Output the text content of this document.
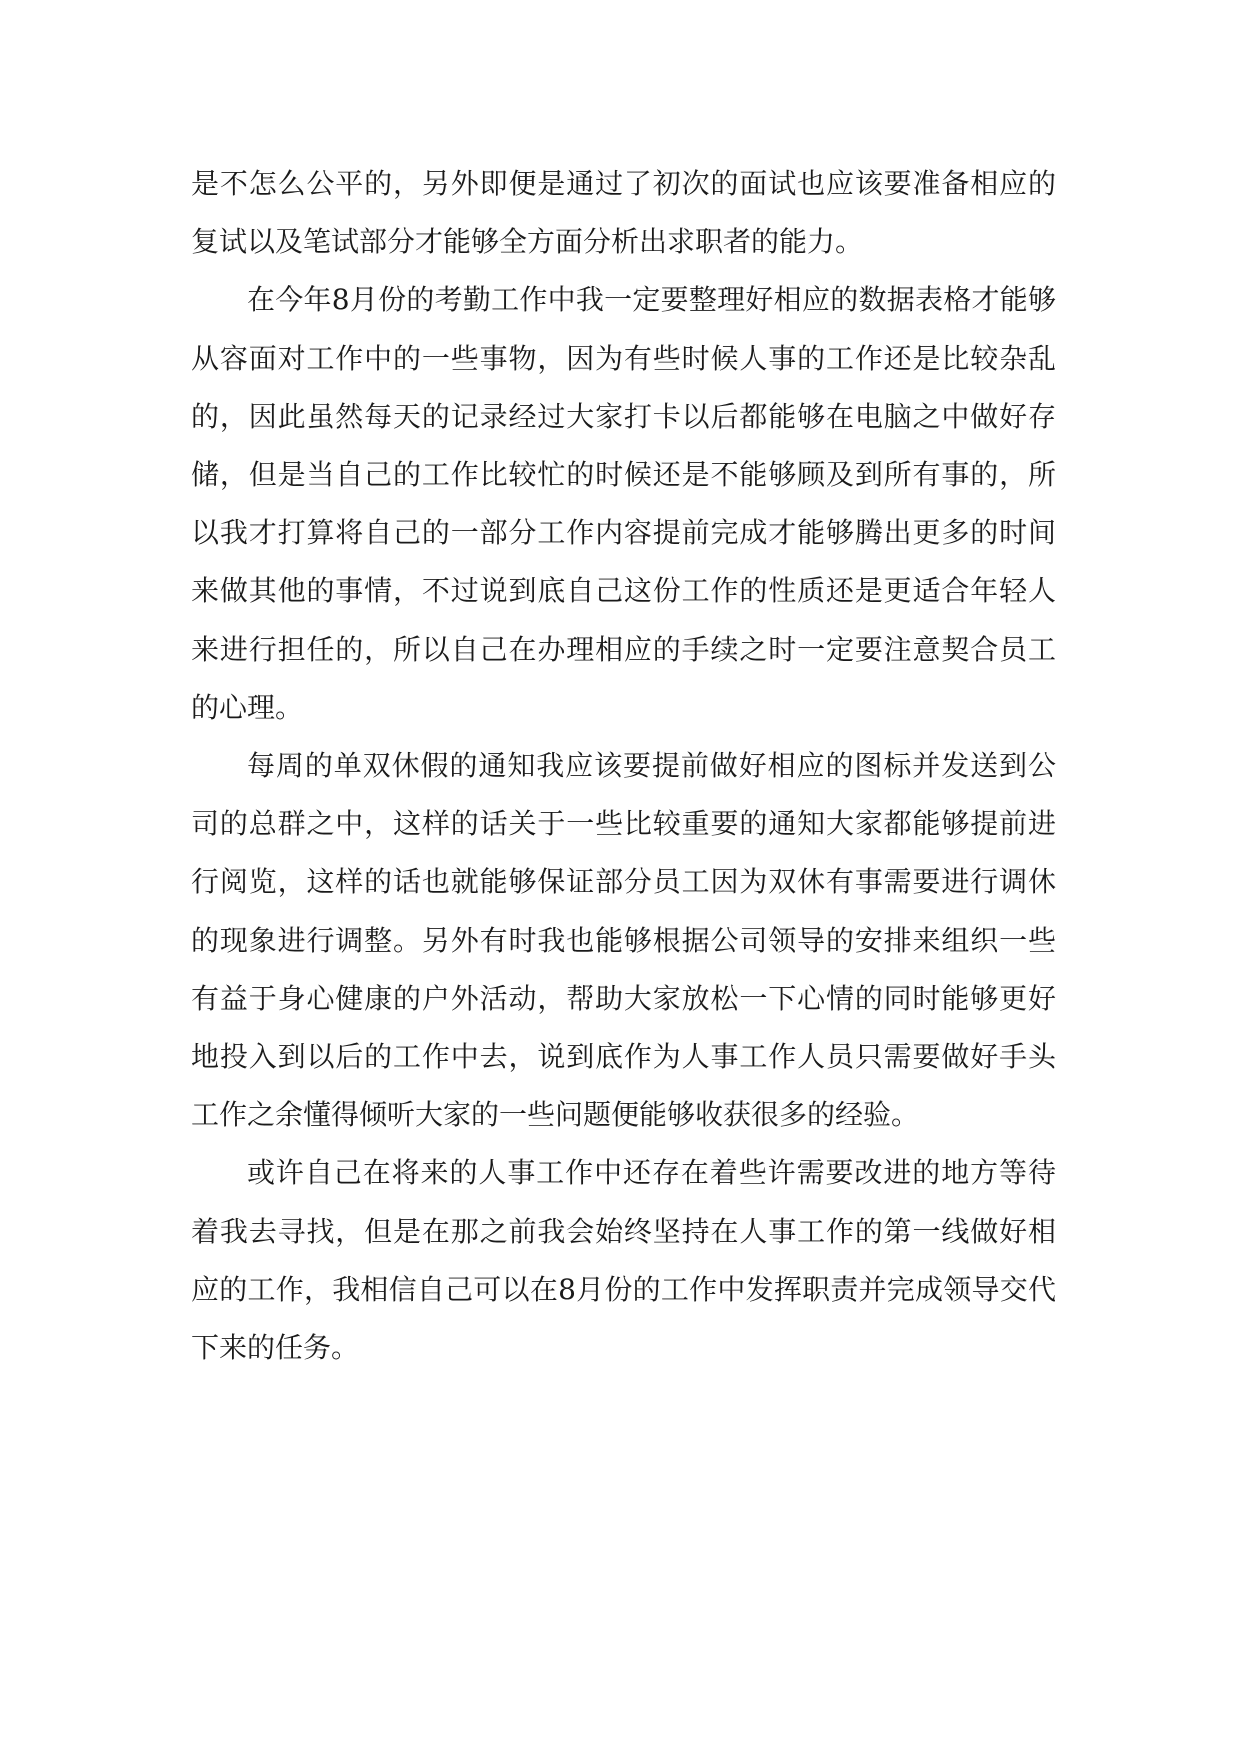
是不怎么公平的，另外即便是通过了初次的面试也应该要准备相应的复试以及笔试部分才能够全方面分析出求职者的能力。

在今年8月份的考勤工作中我一定要整理好相应的数据表格才能够从容面对工作中的一些事物，因为有些时候人事的工作还是比较杂乱的，因此虽然每天的记录经过大家打卡以后都能够在电脑之中做好存储，但是当自己的工作比较忙的时候还是不能够顾及到所有事的，所以我才打算将自己的一部分工作内容提前完成才能够腾出更多的时间来做其他的事情，不过说到底自己这份工作的性质还是更适合年轻人来进行担任的，所以自己在办理相应的手续之时一定要注意契合员工的心理。

每周的单双休假的通知我应该要提前做好相应的图标并发送到公司的总群之中，这样的话关于一些比较重要的通知大家都能够提前进行阅览，这样的话也就能够保证部分员工因为双休有事需要进行调休的现象进行调整。另外有时我也能够根据公司领导的安排来组织一些有益于身心健康的户外活动，帮助大家放松一下心情的同时能够更好地投入到以后的工作中去，说到底作为人事工作人员只需要做好手头工作之余懂得倾听大家的一些问题便能够收获很多的经验。

或许自己在将来的人事工作中还存在着些许需要改进的地方等待着我去寻找，但是在那之前我会始终坚持在人事工作的第一线做好相应的工作，我相信自己可以在8月份的工作中发挥职责并完成领导交代下来的任务。
